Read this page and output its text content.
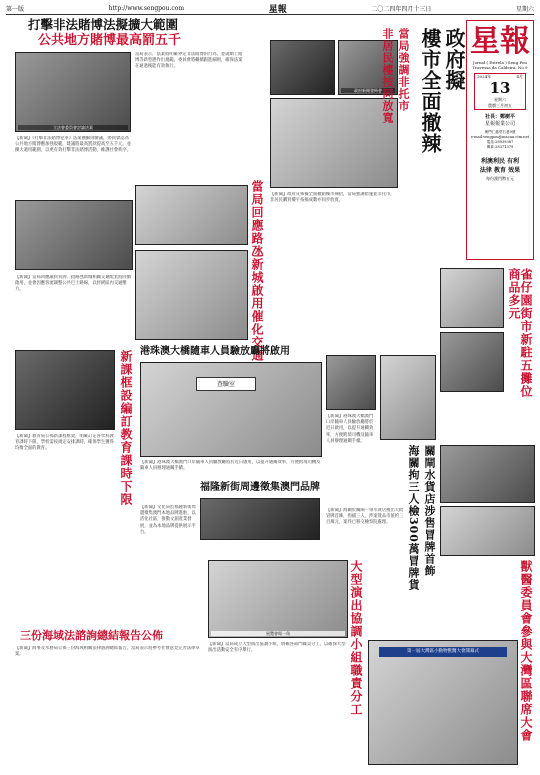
第一版	http://www.sengpou.com	星報	二〇二四年四月十三日	星期六
打擊非法賭博法擬擴大範圍
公共地方賭博最高罰五千
立法會委員會討論法案
【新聞】《打擊非法賭博犯罪》法案獲細則審議，委員會認為公共地方賭博應加強規範，建議將最高罰款提高至五千元，並擴大適用範圍，以更有效打擊非法賭博活動，維護社會秩序。
當局表示，法案將明確界定非法賭博的行為，並就網上賭博等新型態作出規範。委員會將繼續跟進細則，確保法案在通過後能有效執行。
【新聞】當局回應議員質詢，指路氹新城相關交通配套將陸續啟用，並會因應客流調整公共巴士路線，以紓緩區內交通壓力。	當局回應路氹新城啟用催化交通
政府新聞發佈會
【新聞】政府宣佈擬全面撤銷樓市辣招，當局強調措施並非托市，非居民購買樓宇按揭成數亦同步放寬。
當局強調非托市
非居民樓按同放寬 政府擬
樓市全面撤辣 星報
Jornal ( Estrela ) Seng Pou
Travessa da Caldeira, No.9
2024年	4月
13
星期六
農曆三月初五
社長：鄭樹平
星報報業公司
澳門仁慈堂右巷9號
e-mail:sengpou@macau.ctm.net
電話:28939387
傳真:28371379
利澳利民 有利
法律 教育 效果
每份澳門幣五元
雀仔園街市新駐五攤位商品多元
港珠澳大橋隨車人員驗放廳將啟用
查驗室
【新聞】港珠澳大橋澳門口岸隨車人員驗放廳將於近日啟用，以提升通關效率，方便跨境司機及隨車人員辦理通關手續。
【新聞】港珠澳大橋澳門口岸隨車人員驗放廳將於近日啟用，以提升通關效率，方便跨境司機及隨車人員辦理通關手續。
新課框設編訂教育課時下限
【新聞】教青局公佈新課程框架，明確訂定各學科教育課時下限，學校需按規定安排課時，確保學生獲得均衡全面的教育。	關閘水貨店涉售冒牌首飾
海關拘三人檢300萬冒牌貨
【新聞】海關於關閘一帶水貨店搜出大批冒牌首飾，拘捕三人，涉案貨品市值約三百萬元，案件已移交檢察院處理。
福隆新街周邊徵集澳門品牌
【新聞】文化局於福隆新街周邊徵集澳門本地品牌進駐，以活化社區，推動文創產業發展，並為本地品牌提供展示平台。
三份海域法諮詢總結報告公佈
【新聞】海事及水務局公佈三份海域相關法律諮詢總結報告，當局表示將參考社會意見完善法律草案。
展覽會場一角	大型演出協調小組職責分工
【新聞】當局成立大型演出協調小組，明確各部門職責分工，以確保大型演出活動安全有序舉行。	第一屆大灣區小動物獸醫大會開幕式	獸醫委員會參與大灣區聯席大會
